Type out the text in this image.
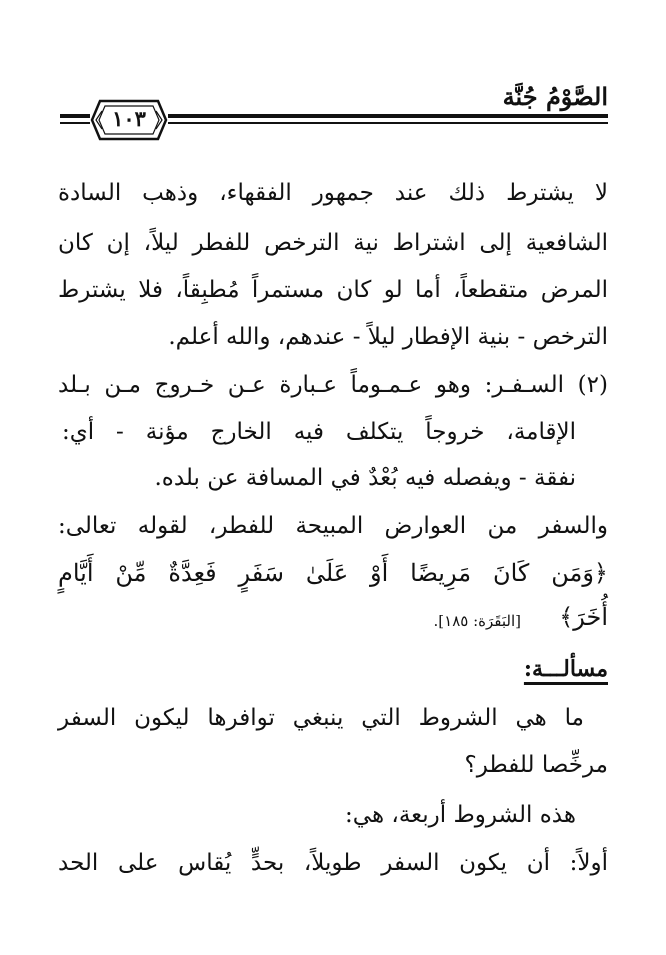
الصَّوْمُ جُنَّة
١٠٣
لا يشترط ذلك عند جمهور الفقهاء، وذهب السادة
الشافعية إلى اشتراط نية الترخص للفطر ليلاً، إن كان
المرض متقطعاً، أما لو كان مستمراً مُطبِقاً، فلا يشترط
الترخص - بنية الإفطار ليلاً - عندهم، والله أعلم.
(٢) السـفـر: وهو عـمـوماً عـبارة عـن خـروج مـن بـلد
الإقامة، خروجاً يتكلف فيه الخارج مؤنة - أي:
نفقة - ويفصله فيه بُعْدٌ في المسافة عن بلده.
والسفر من العوارض المبيحة للفطر، لقوله تعالى:
﴿وَمَن كَانَ مَرِيضًا أَوْ عَلَىٰ سَفَرٍ فَعِدَّةٌ مِّنْ أَيَّامٍ
أُخَرَ﴾
[البَقَرَة: ١٨٥].
مسألـــة:
ما هي الشروط التي ينبغي توافرها ليكون السفر
مرخِّصا للفطر؟
هذه الشروط أربعة، هي:
أولاً: أن يكون السفر طويلاً، بحدٍّ يُقاس على الحد
